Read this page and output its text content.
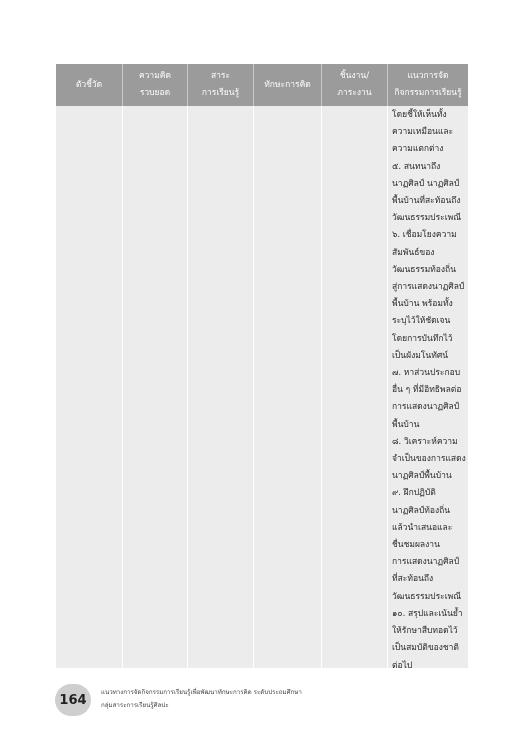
ตัวชี้วัด
ความคิด
รวบยอด
สาระ
การเรียนรู้
ทักษะการคิด
ชิ้นงาน/
ภาระงาน
แนวการจัด
กิจกรรมการเรียนรู้
โดยชี้ให้เห็นทั้ง
ความเหมือนและ
ความแตกต่าง
๕. สนทนาถึง
นาฏศิลป์ นาฏศิลป์
พื้นบ้านที่สะท้อนถึง
วัฒนธรรมประเพณี
๖. เชื่อมโยงความ
สัมพันธ์ของ
วัฒนธรรมท้องถิ่น
สู่การแสดงนาฏศิลป์
พื้นบ้าน พร้อมทั้ง
ระบุไว้ให้ชัดเจน
โดยการบันทึกไว้
เป็นผังมโนทัศน์
๗. หาส่วนประกอบ
อื่น ๆ ที่มีอิทธิพลต่อ
การแสดงนาฏศิลป์
พื้นบ้าน
๘. วิเคราะห์ความ
จำเป็นของการแสดง
นาฏศิลป์พื้นบ้าน
๙. ฝึกปฏิบัติ
นาฏศิลป์ท้องถิ่น
แล้วนำเสนอและ
ชื่นชมผลงาน
การแสดงนาฏศิลป์
ที่สะท้อนถึง
วัฒนธรรมประเพณี
๑๐. สรุปและเน้นย้ำ
ให้รักษาสืบทอดไว้
เป็นสมบัติของชาติ
ต่อไป
164	แนวทางการจัดกิจกรรมการเรียนรู้เพื่อพัฒนาทักษะการคิด ระดับประถมศึกษา
กลุ่มสาระการเรียนรู้ศิลปะ
